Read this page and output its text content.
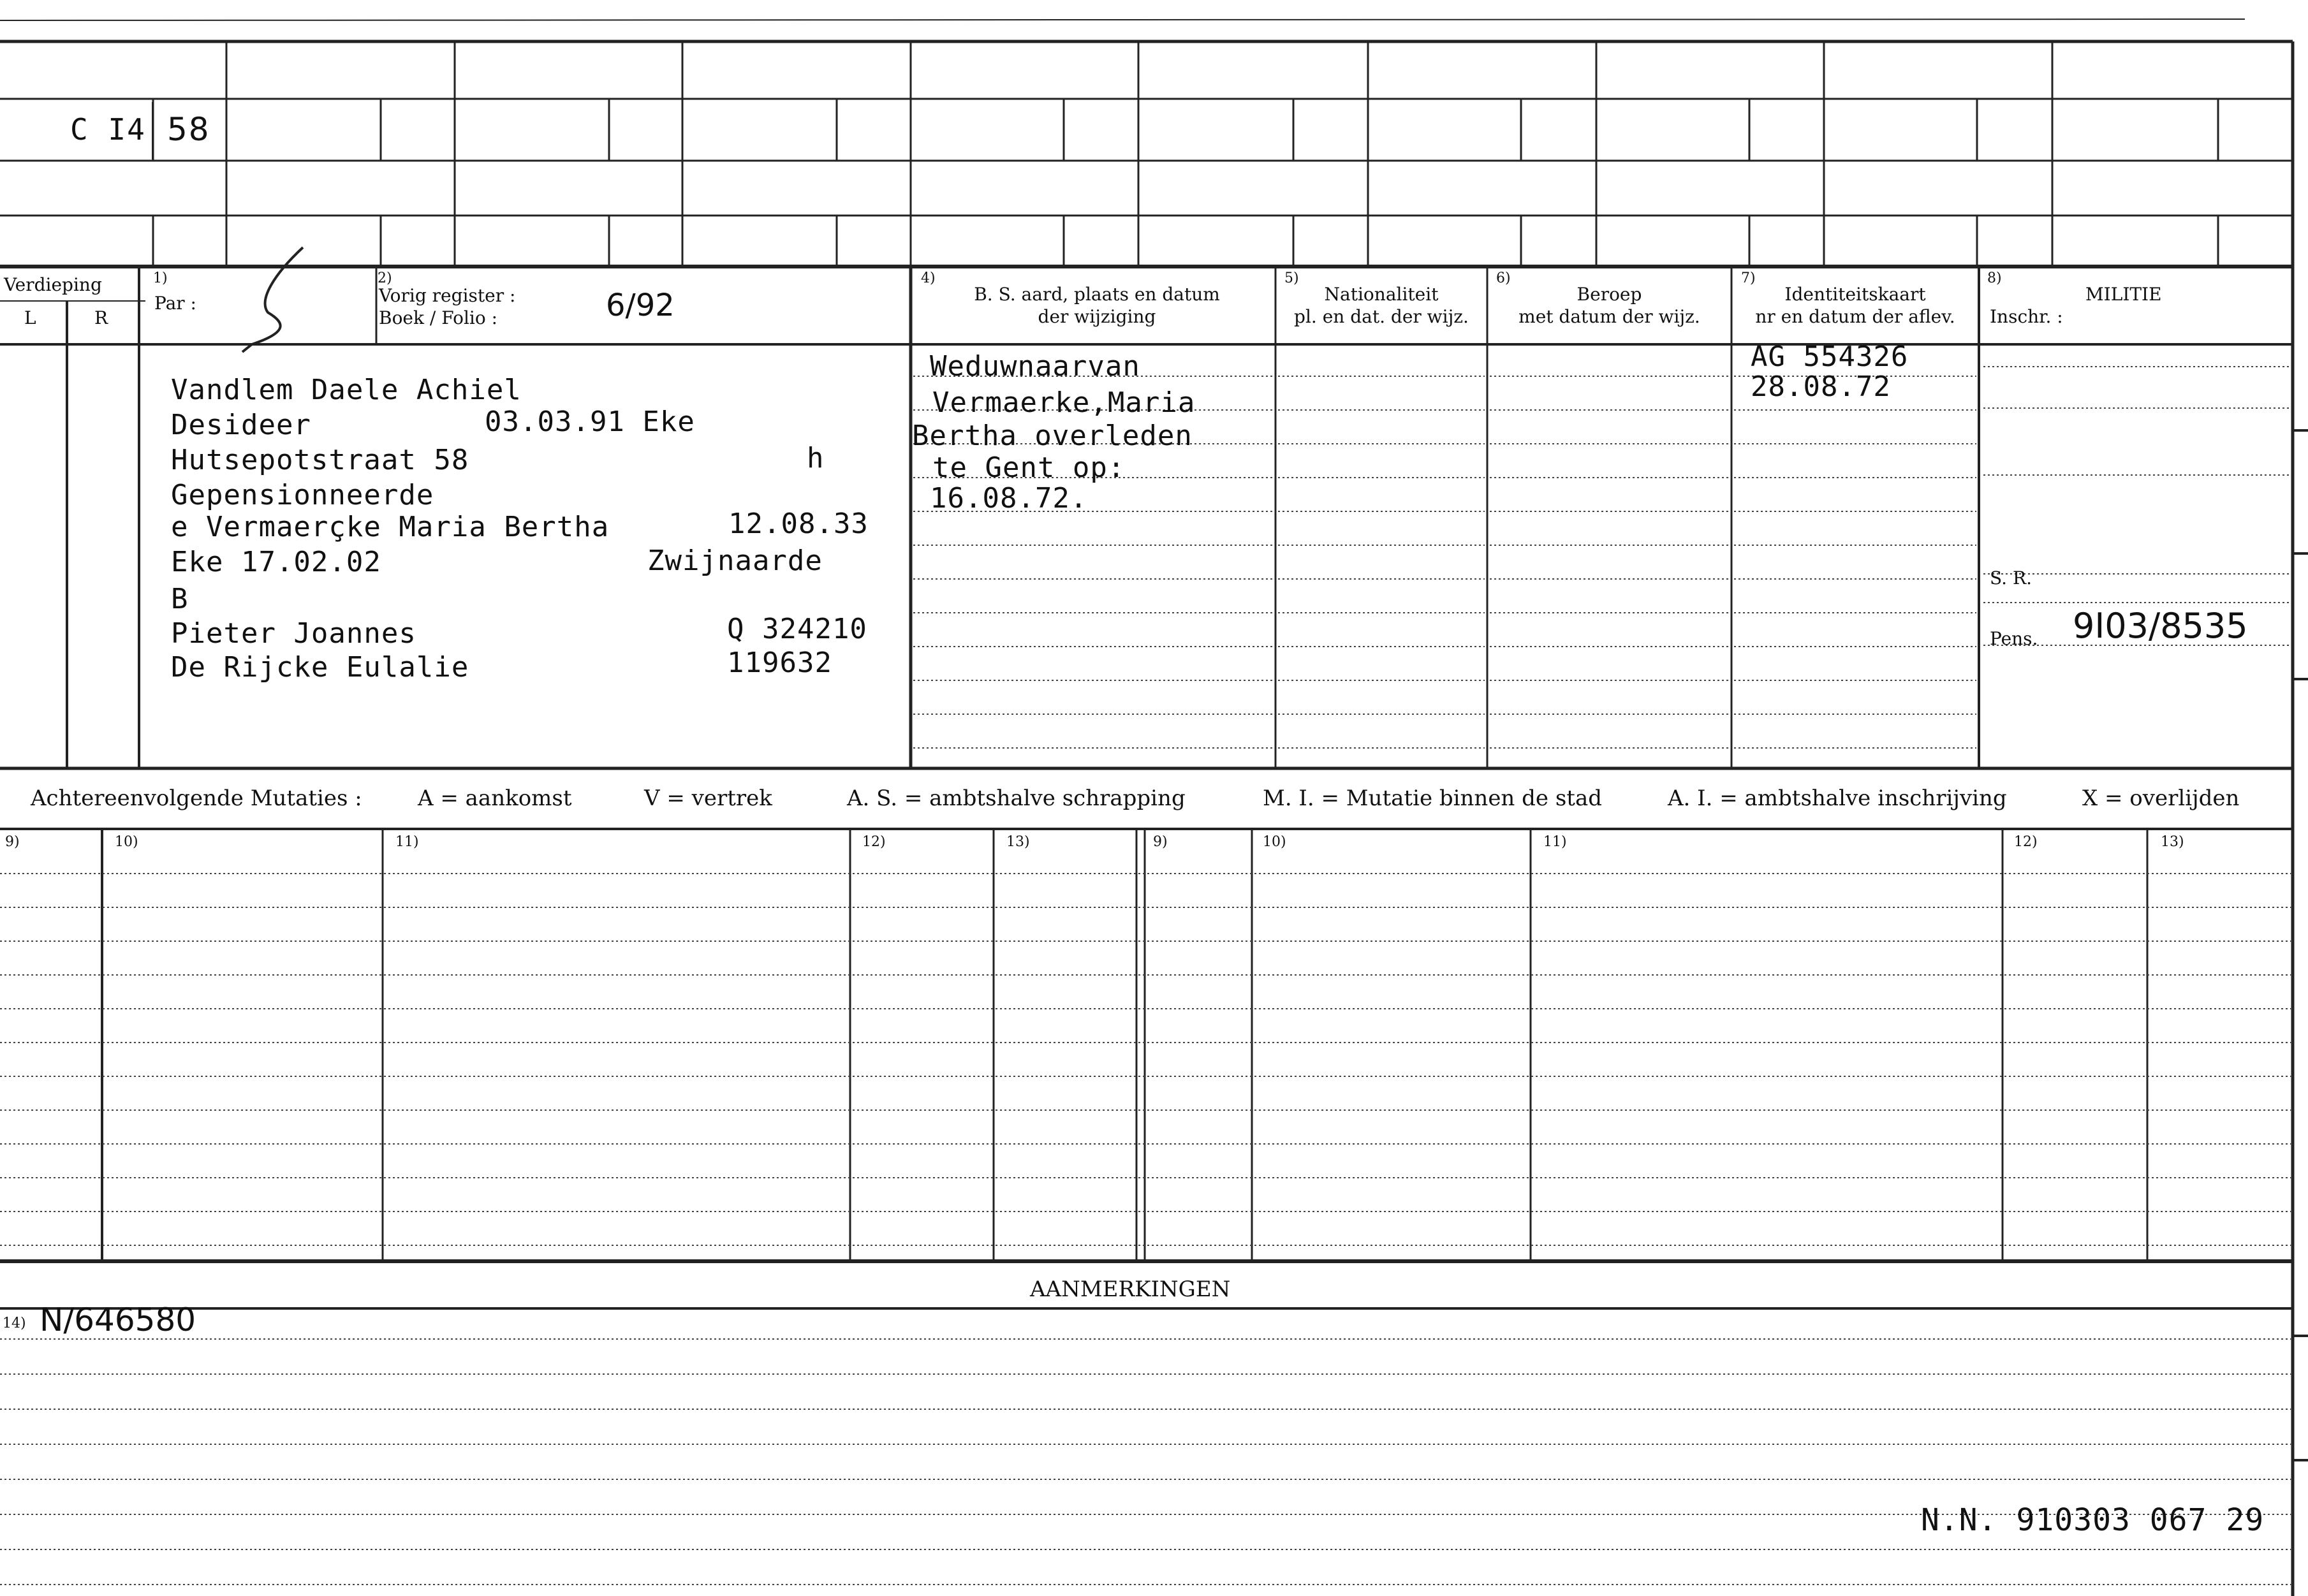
C I4 58
Verdieping
L	R
1)
Par :
2)
Vorig register :
Boek / Folio :	6/92
4)
B. S. aard, plaats en datum
der wijziging
5)
Nationaliteit
pl. en dat. der wijz.
6)
Beroep
met datum der wijz.
7)
Identiteitskaart
nr en datum der aflev.
8)
MILITIE
Inschr. :
S. R.
Pens. 9I03/8535
Vandlem Daele Achiel
Desideer	03.03.91 Eke
Hutsepotstraat 58	h
Gepensionneerde
e Vermaerçke Maria Bertha	12.08.33
Eke 17.02.02	Zwijnaarde
B
Pieter Joannes	Q 324210
De Rijcke Eulalie	119632
Weduwnaarvan
Vermaerke,Maria
Bertha overleden
te Gent op:
16.08.72.
AG 554326
28.08.72
Achtereenvolgende Mutaties :	A = aankomst	V = vertrek	A. S. = ambtshalve schrapping	M. I. = Mutatie binnen de stad	A. I. = ambtshalve inschrijving	X = overlijden
9)	10)	11)	12)	13)	9)	10)	11)	12)	13)
AANMERKINGEN
14) N/646580
N.N. 910303 067 29
